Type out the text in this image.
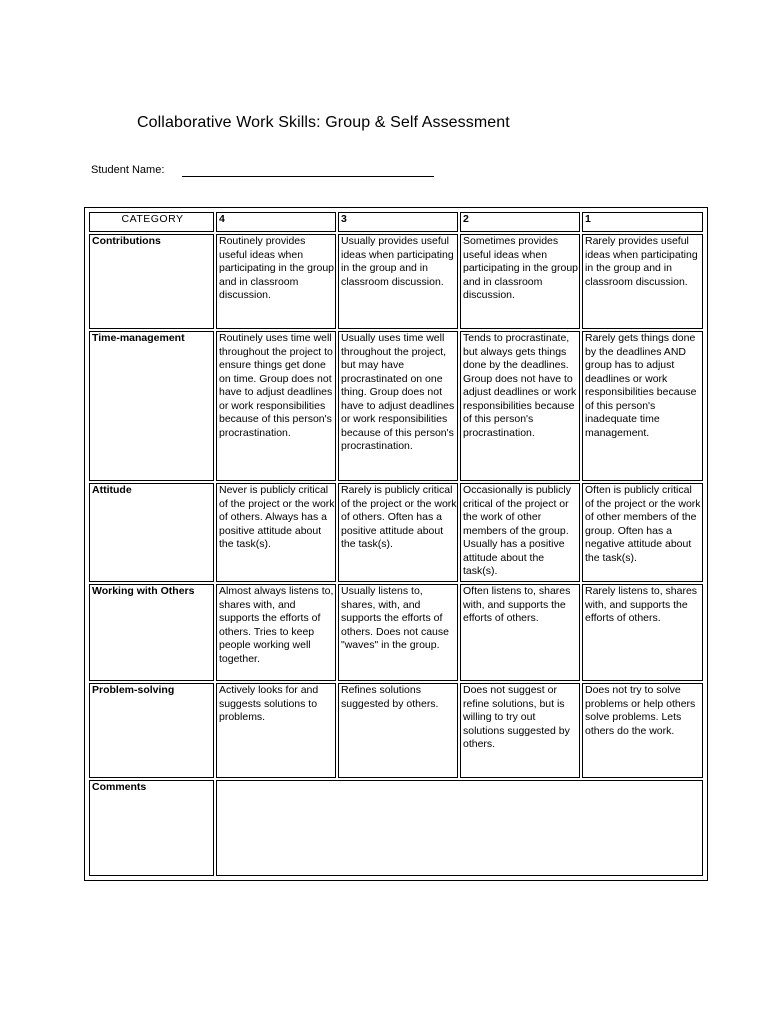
Collaborative Work Skills: Group & Self Assessment
Student Name:
CATEGORY	4	3	2	1
Contributions	Routinely provides useful ideas when participating in the group and in classroom discussion.	Usually provides useful ideas when participating in the group and in classroom discussion.	Sometimes provides useful ideas when participating in the group and in classroom discussion.	Rarely provides useful ideas when participating in the group and in classroom discussion.
Time-management	Routinely uses time well throughout the project to ensure things get done on time. Group does not have to adjust deadlines or work responsibilities because of this person's procrastination.	Usually uses time well throughout the project, but may have procrastinated on one thing. Group does not have to adjust deadlines or work responsibilities because of this person's procrastination.	Tends to procrastinate, but always gets things done by the deadlines. Group does not have to adjust deadlines or work responsibilities because of this person's procrastination.	Rarely gets things done by the deadlines AND group has to adjust deadlines or work responsibilities because of this person's inadequate time management.
Attitude	Never is publicly critical of the project or the work of others. Always has a positive attitude about the task(s).	Rarely is publicly critical of the project or the work of others. Often has a positive attitude about the task(s).	Occasionally is publicly critical of the project or the work of other members of the group. Usually has a positive attitude about the task(s).	Often is publicly critical of the project or the work of other members of the group. Often has a negative attitude about the task(s).
Working with Others	Almost always listens to, shares with, and supports the efforts of others. Tries to keep people working well together.	Usually listens to, shares, with, and supports the efforts of others. Does not cause "waves" in the group.	Often listens to, shares with, and supports the efforts of others.	Rarely listens to, shares with, and supports the efforts of others.
Problem-solving	Actively looks for and suggests solutions to problems.	Refines solutions suggested by others.	Does not suggest or refine solutions, but is willing to try out solutions suggested by others.	Does not try to solve problems or help others solve problems. Lets others do the work.
Comments				
